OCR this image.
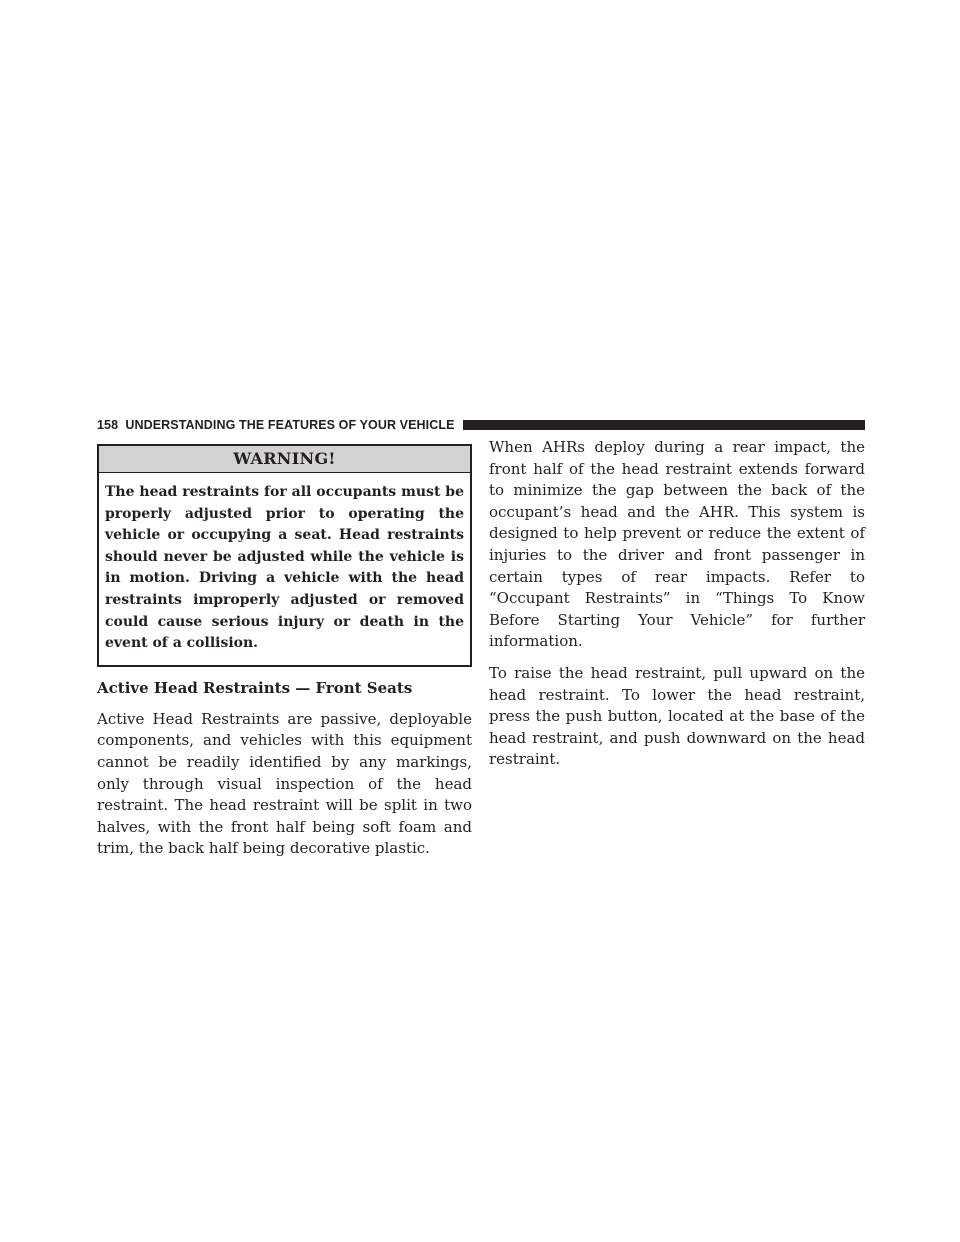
158 UNDERSTANDING THE FEATURES OF YOUR VEHICLE
WARNING!
The head restraints for all occupants must be properly adjusted prior to operating the vehicle or occupying a seat. Head restraints should never be adjusted while the vehicle is in motion. Driving a vehicle with the head restraints improperly adjusted or removed could cause serious injury or death in the event of a collision.
Active Head Restraints — Front Seats

Active Head Restraints are passive, deployable components, and vehicles with this equipment cannot be readily identified by any markings, only through visual inspection of the head restraint. The head restraint will be split in two halves, with the front half being soft foam and trim, the back half being decorative plastic.

When AHRs deploy during a rear impact, the front half of the head restraint extends forward to minimize the gap between the back of the occupant’s head and the AHR. This system is designed to help prevent or reduce the extent of injuries to the driver and front passenger in certain types of rear impacts. Refer to “Occupant Restraints” in “Things To Know Before Starting Your Vehicle” for further information.

To raise the head restraint, pull upward on the head restraint. To lower the head restraint, press the push button, located at the base of the head restraint, and push downward on the head restraint.
